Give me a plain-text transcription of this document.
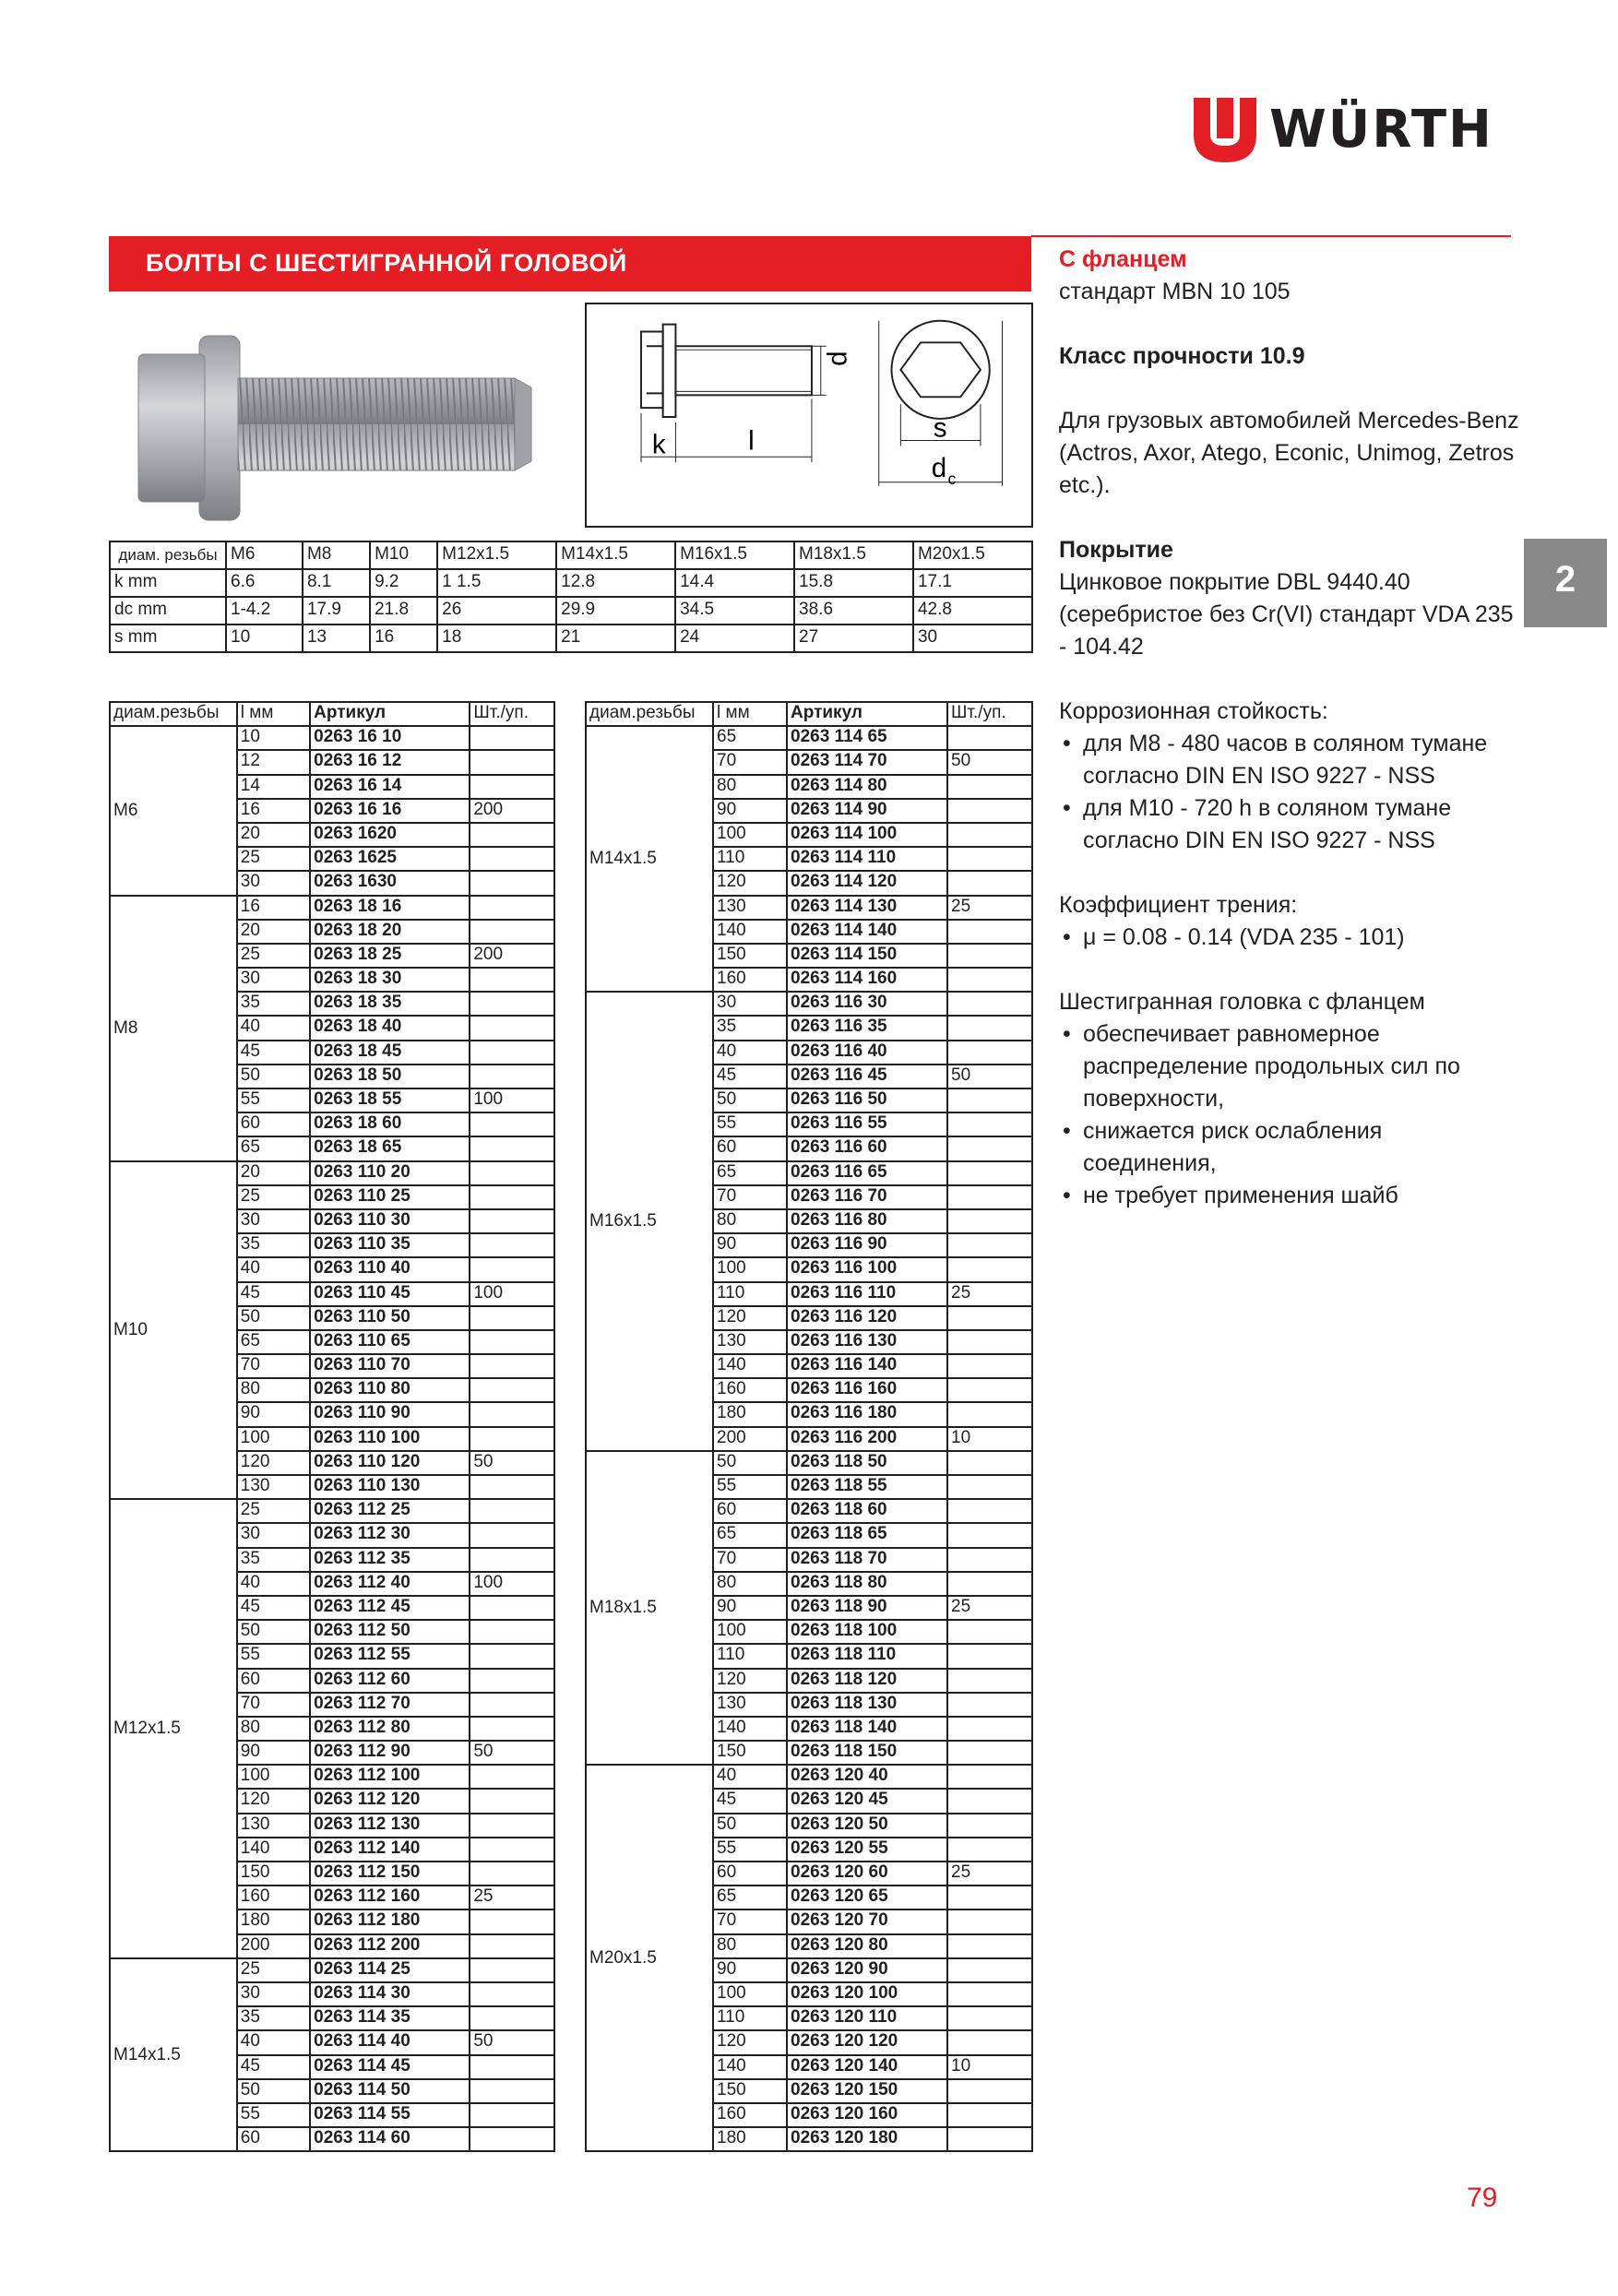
WÜRTH
БОЛТЫ С ШЕСТИГРАННОЙ ГОЛОВОЙ
k	l
d
s
d c
диам. резьбы	M6	M8	M10	M12x1.5	M14x1.5	M16x1.5	M18x1.5	M20x1.5
k mm	6.6	8.1	9.2	1 1.5	12.8	14.4	15.8	17.1
dc mm	1-4.2	17.9	21.8	26	29.9	34.5	38.6	42.8
s mm	10	13	16	18	21	24	27	30
диам.резьбы	l мм	Артикул	Шт./уп.
M6	10	0263 16 10	
	12	0263 16 12	
	14	0263 16 14	
	16	0263 16 16	200
	20	0263 1620	
	25	0263 1625	
	30	0263 1630	
M8	16	0263 18 16	
	20	0263 18 20	
	25	0263 18 25	200
	30	0263 18 30	
	35	0263 18 35	
	40	0263 18 40	
	45	0263 18 45	
	50	0263 18 50	
	55	0263 18 55	100
	60	0263 18 60	
	65	0263 18 65	
M10	20	0263 110 20	
	25	0263 110 25	
	30	0263 110 30	
	35	0263 110 35	
	40	0263 110 40	
	45	0263 110 45	100
	50	0263 110 50	
	65	0263 110 65	
	70	0263 110 70	
	80	0263 110 80	
	90	0263 110 90	
	100	0263 110 100	
	120	0263 110 120	50
	130	0263 110 130	
M12x1.5	25	0263 112 25	
	30	0263 112 30	
	35	0263 112 35	
	40	0263 112 40	100
	45	0263 112 45	
	50	0263 112 50	
	55	0263 112 55	
	60	0263 112 60	
	70	0263 112 70	
	80	0263 112 80	
	90	0263 112 90	50
	100	0263 112 100	
	120	0263 112 120	
	130	0263 112 130	
	140	0263 112 140	
	150	0263 112 150	
	160	0263 112 160	25
	180	0263 112 180	
	200	0263 112 200	
M14x1.5	25	0263 114 25	
	30	0263 114 30	
	35	0263 114 35	
	40	0263 114 40	50
	45	0263 114 45	
	50	0263 114 50	
	55	0263 114 55	
	60	0263 114 60	
диам.резьбы	l мм	Артикул	Шт./уп.
M14x1.5	65	0263 114 65	
	70	0263 114 70	50
	80	0263 114 80	
	90	0263 114 90	
	100	0263 114 100	
	110	0263 114 110	
	120	0263 114 120	
	130	0263 114 130	25
	140	0263 114 140	
	150	0263 114 150	
	160	0263 114 160	
M16x1.5	30	0263 116 30	
	35	0263 116 35	
	40	0263 116 40	
	45	0263 116 45	50
	50	0263 116 50	
	55	0263 116 55	
	60	0263 116 60	
	65	0263 116 65	
	70	0263 116 70	
	80	0263 116 80	
	90	0263 116 90	
	100	0263 116 100	
	110	0263 116 110	25
	120	0263 116 120	
	130	0263 116 130	
	140	0263 116 140	
	160	0263 116 160	
	180	0263 116 180	
	200	0263 116 200	10
M18x1.5	50	0263 118 50	
	55	0263 118 55	
	60	0263 118 60	
	65	0263 118 65	
	70	0263 118 70	
	80	0263 118 80	
	90	0263 118 90	25
	100	0263 118 100	
	110	0263 118 110	
	120	0263 118 120	
	130	0263 118 130	
	140	0263 118 140	
	150	0263 118 150	
M20x1.5	40	0263 120 40	
	45	0263 120 45	
	50	0263 120 50	
	55	0263 120 55	
	60	0263 120 60	25
	65	0263 120 65	
	70	0263 120 70	
	80	0263 120 80	
	90	0263 120 90	
	100	0263 120 100	
	110	0263 120 110	
	120	0263 120 120	
	140	0263 120 140	10
	150	0263 120 150	
	160	0263 120 160	
	180	0263 120 180	

С фланцем

стандарт MBN 10 105

Класс прочности 10.9

Для грузовых автомобилей Mercedes-Benz (Actros, Axor, Atego, Econic, Unimog, Zetros etc.).

Покрытие

Цинковое покрытие DBL 9440.40 (серебристое без Cr(VI) стандарт VDA 235 - 104.42

Коррозионная стойкость:

• для M8 - 480 часов в соляном тумане согласно DIN EN ISO 9227 - NSS
• для M10 - 720 h в соляном тумане согласно DIN EN ISO 9227 - NSS

Коэффициент трения:

• μ = 0.08 - 0.14 (VDA 235 - 101)

Шестигранная головка с фланцем

• обеспечивает равномерное распределение продольных сил по поверхности,
• снижается риск ослабления соединения,
• не требует применения шайб
2
79
